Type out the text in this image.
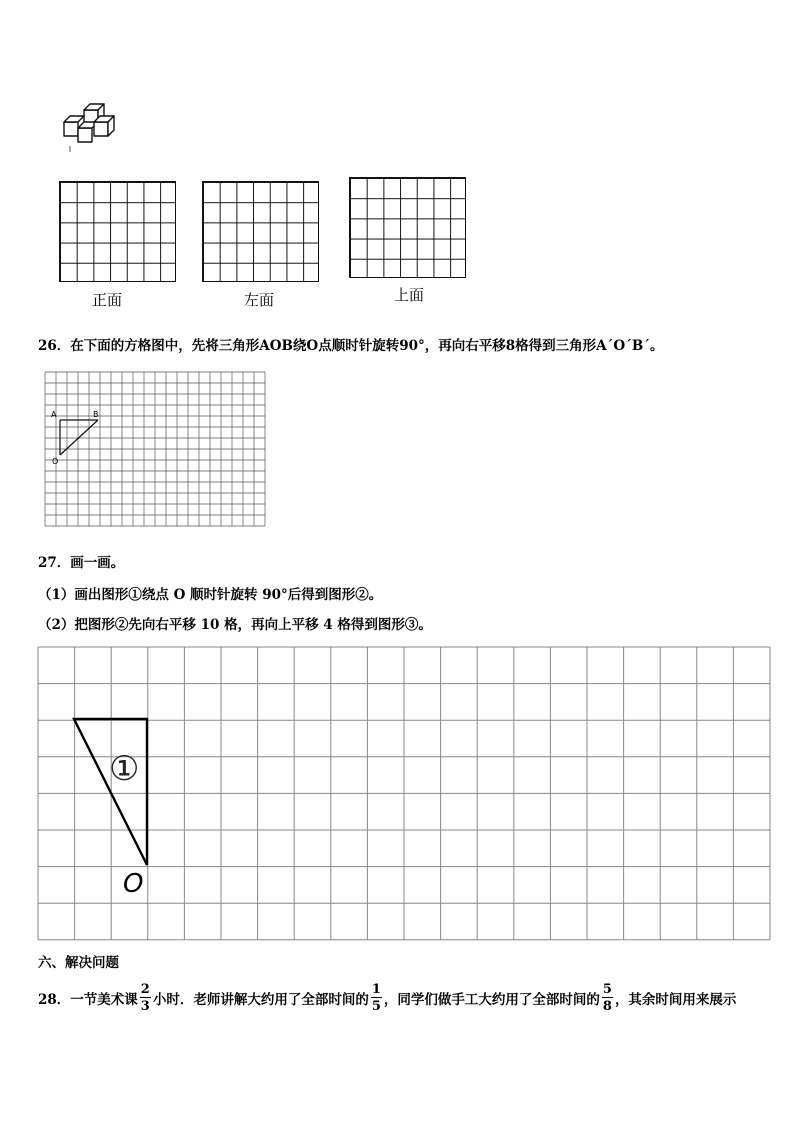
正面	左面	上面
26．在下面的方格图中，先将三角形AOB绕O点顺时针旋转90°，再向右平移8格得到三角形A´O´B´。
A	B
O
27．画一画。
（1）画出图形①绕点 O 顺时针旋转 90°后得到图形②。
（2）把图形②先向右平移 10 格，再向上平移 4 格得到图形③。
①
O
六、解决问题
28．一节美术课 $\frac{2}{3}$ 小时．老师讲解大约用了全部时间的 $\frac{1}{5}$ ，同学们做手工大约用了全部时间的 $\frac{5}{8}$ ，其余时间用来展示
